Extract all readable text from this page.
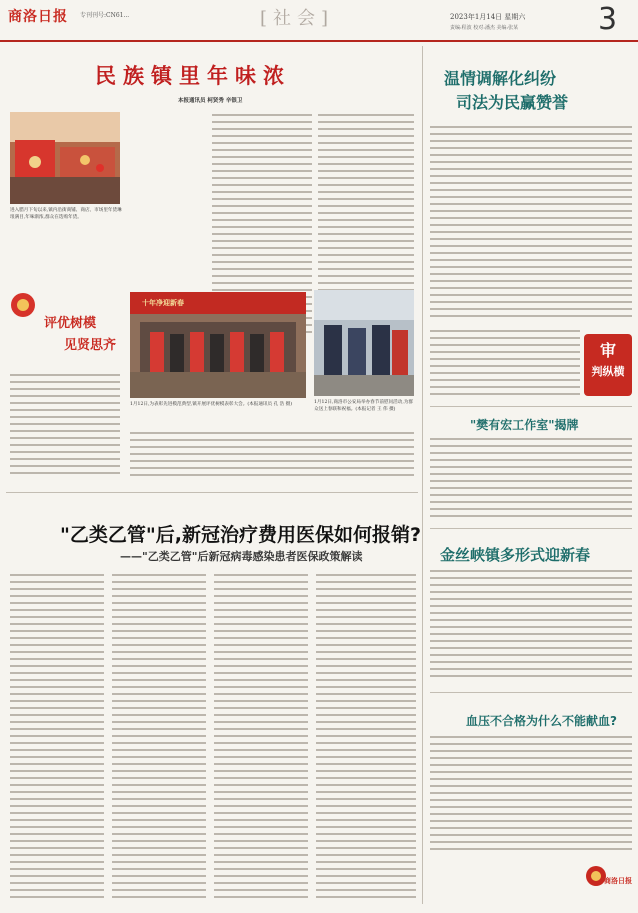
商洛日报 专刊刊号:CN61...	[社会]	2023年1月14日 星期六
责编:程波 校对:潘杰 美编:张某	3
民族镇里年味浓
本报通讯员 柯贤秀 辛银卫
进入腊月下旬以来,镇内沿街商铺、商店、市场里年货琳琅满目,年味渐浓,群众在选购年货。
评优树模
见贤思齐
十年净迎新春
1月12日,为表彰先进模范典型,镇开展评优树模表彰大会。(本报通讯员 孔 浩 摄)	1月12日,商洛市公安局举办春节前慰问活动,为群众送上春联和祝福。(本报记者 王 伟 摄)
温情调解化纠纷
司法为民赢赞誉
审
判纵横
"樊有宏工作室"揭牌
金丝峡镇多形式迎新春
血压不合格为什么不能献血?
商洛日报
"乙类乙管"后,新冠治疗费用医保如何报销?
——"乙类乙管"后新冠病毒感染患者医保政策解读
